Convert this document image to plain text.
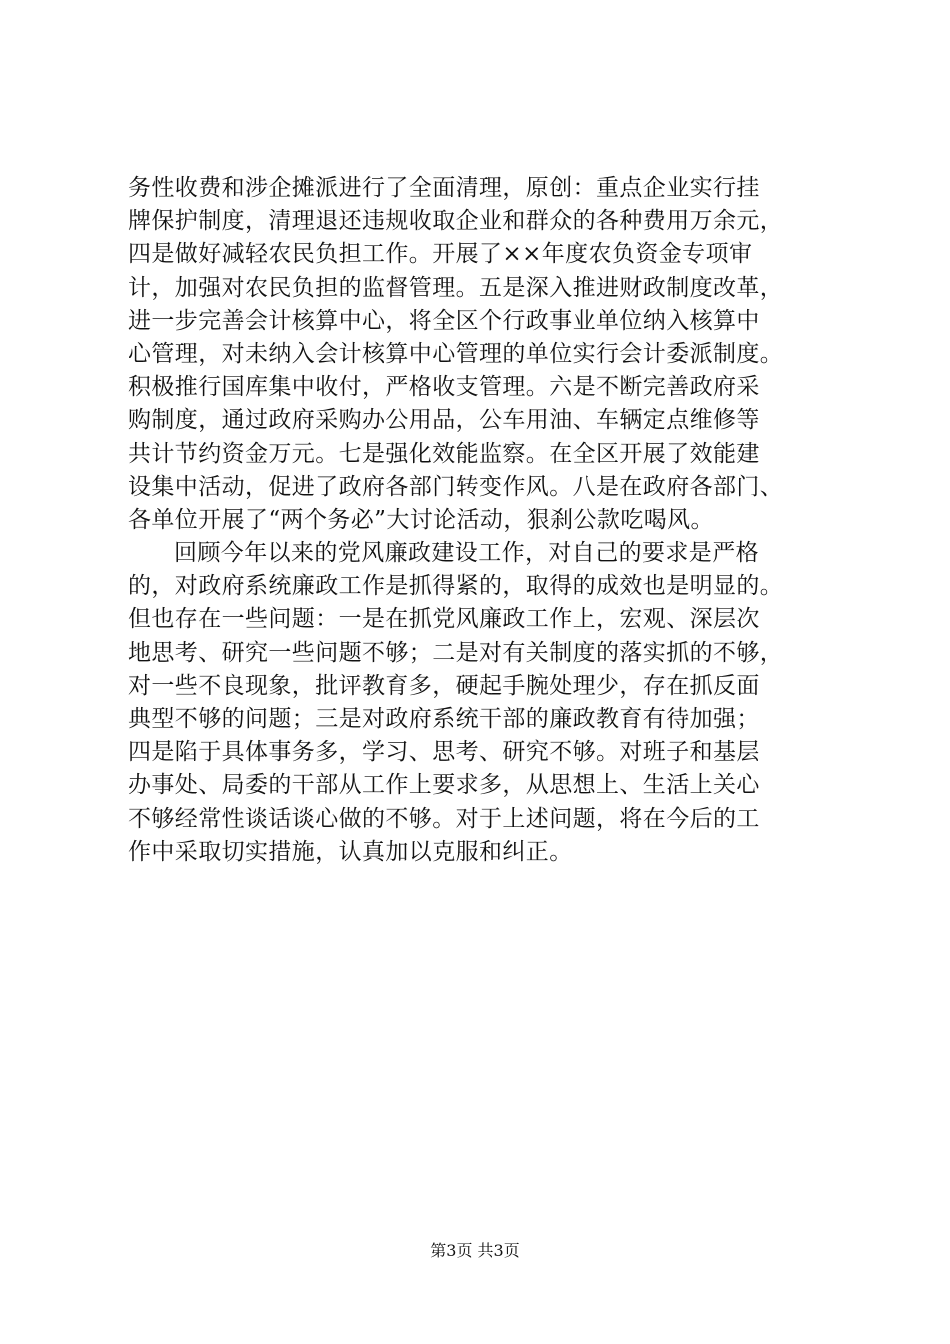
务性收费和涉企摊派进行了全面清理，原创：重点企业实行挂
牌保护制度，清理退还违规收取企业和群众的各种费用万余元，
四是做好减轻农民负担工作。开展了××年度农负资金专项审
计，加强对农民负担的监督管理。五是深入推进财政制度改革，
进一步完善会计核算中心，将全区个行政事业单位纳入核算中
心管理，对未纳入会计核算中心管理的单位实行会计委派制度。
积极推行国库集中收付，严格收支管理。六是不断完善政府采
购制度，通过政府采购办公用品，公车用油、车辆定点维修等
共计节约资金万元。七是强化效能监察。在全区开展了效能建
设集中活动，促进了政府各部门转变作风。八是在政府各部门、
各单位开展了“两个务必”大讨论活动，狠刹公款吃喝风。
回顾今年以来的党风廉政建设工作，对自己的要求是严格
的，对政府系统廉政工作是抓得紧的，取得的成效也是明显的。
但也存在一些问题：一是在抓党风廉政工作上，宏观、深层次
地思考、研究一些问题不够；二是对有关制度的落实抓的不够，
对一些不良现象，批评教育多，硬起手腕处理少，存在抓反面
典型不够的问题；三是对政府系统干部的廉政教育有待加强；
四是陷于具体事务多，学习、思考、研究不够。对班子和基层
办事处、局委的干部从工作上要求多，从思想上、生活上关心
不够经常性谈话谈心做的不够。对于上述问题，将在今后的工
作中采取切实措施，认真加以克服和纠正。
第3页 共3页
